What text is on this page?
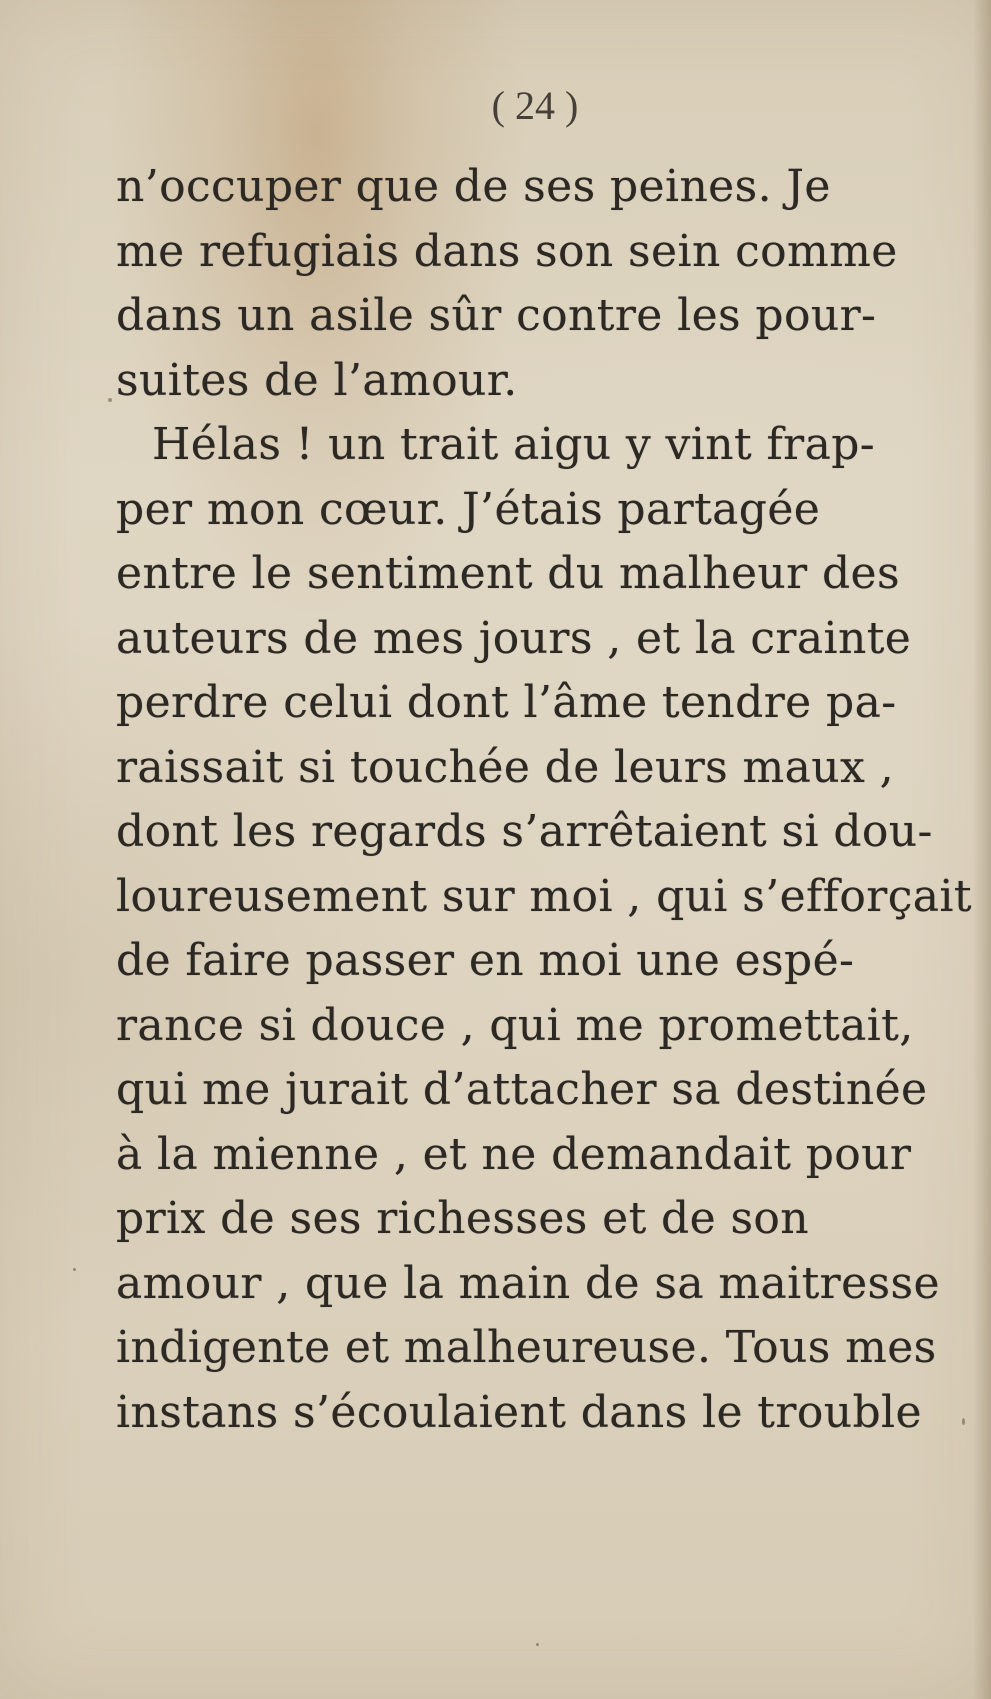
( 24 )
n’occuper que de ses peines. Je
me refugiais dans son sein comme
dans un asile sûr contre les pour-
suites de l’amour.
Hélas ! un trait aigu y vint frap-
per mon cœur. J’étais partagée
entre le sentiment du malheur des
auteurs de mes jours , et la crainte
perdre celui dont l’âme tendre pa-
raissait si touchée de leurs maux ,
dont les regards s’arrêtaient si dou-
loureusement sur moi , qui s’efforçait
de faire passer en moi une espé-
rance si douce , qui me promettait,
qui me jurait d’attacher sa destinée
à la mienne , et ne demandait pour
prix de ses richesses et de son
amour , que la main de sa maitresse
indigente et malheureuse. Tous mes
instans s’écoulaient dans le trouble
